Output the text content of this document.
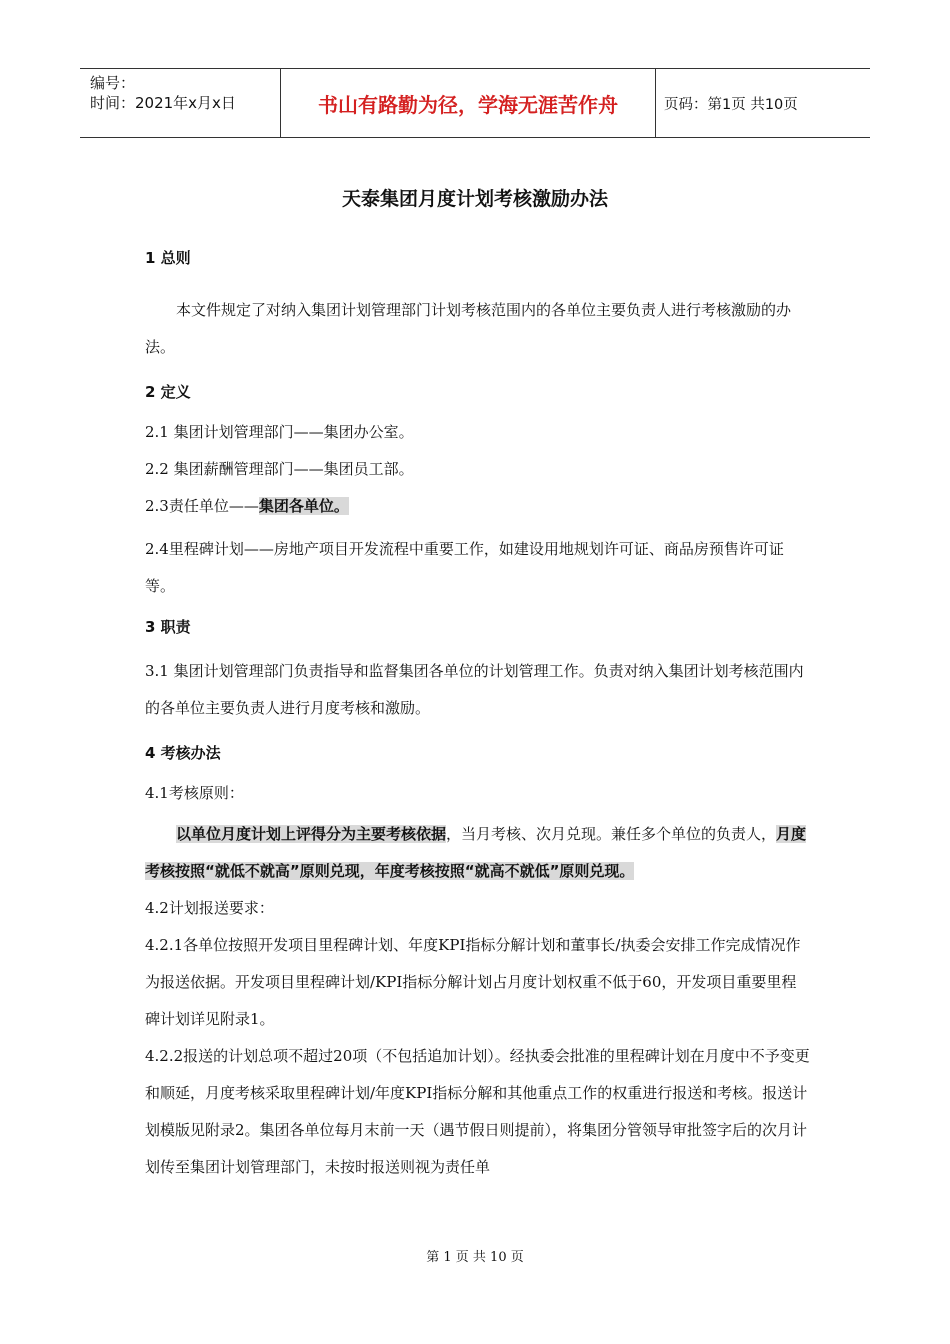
编号：
时间：2021年x月x日	书山有路勤为径，学海无涯苦作舟	页码：第1页 共10页
天泰集团月度计划考核激励办法

1 总则

本文件规定了对纳入集团计划管理部门计划考核范围内的各单位主要负责人进行考核激励的办法。

2 定义

2.1 集团计划管理部门——集团办公室。

2.2 集团薪酬管理部门——集团员工部。

2.3责任单位——集团各单位。

2.4里程碑计划——房地产项目开发流程中重要工作，如建设用地规划许可证、商品房预售许可证等。

3 职责

3.1 集团计划管理部门负责指导和监督集团各单位的计划管理工作。负责对纳入集团计划考核范围内的各单位主要负责人进行月度考核和激励。

4 考核办法

4.1考核原则：

以单位月度计划上评得分为主要考核依据，当月考核、次月兑现。兼任多个单位的负责人，月度考核按照“就低不就高”原则兑现，年度考核按照“就高不就低”原则兑现。

4.2计划报送要求：

4.2.1各单位按照开发项目里程碑计划、年度KPI指标分解计划和董事长/执委会安排工作完成情况作为报送依据。开发项目里程碑计划/KPI指标分解计划占月度计划权重不低于60，开发项目重要里程碑计划详见附录1。

4.2.2报送的计划总项不超过20项（不包括追加计划）。经执委会批准的里程碑计划在月度中不予变更和顺延，月度考核采取里程碑计划/年度KPI指标分解和其他重点工作的权重进行报送和考核。报送计划模版见附录2。集团各单位每月末前一天（遇节假日则提前），将集团分管领导审批签字后的次月计划传至集团计划管理部门，未按时报送则视为责任单

第 1 页 共 10 页
